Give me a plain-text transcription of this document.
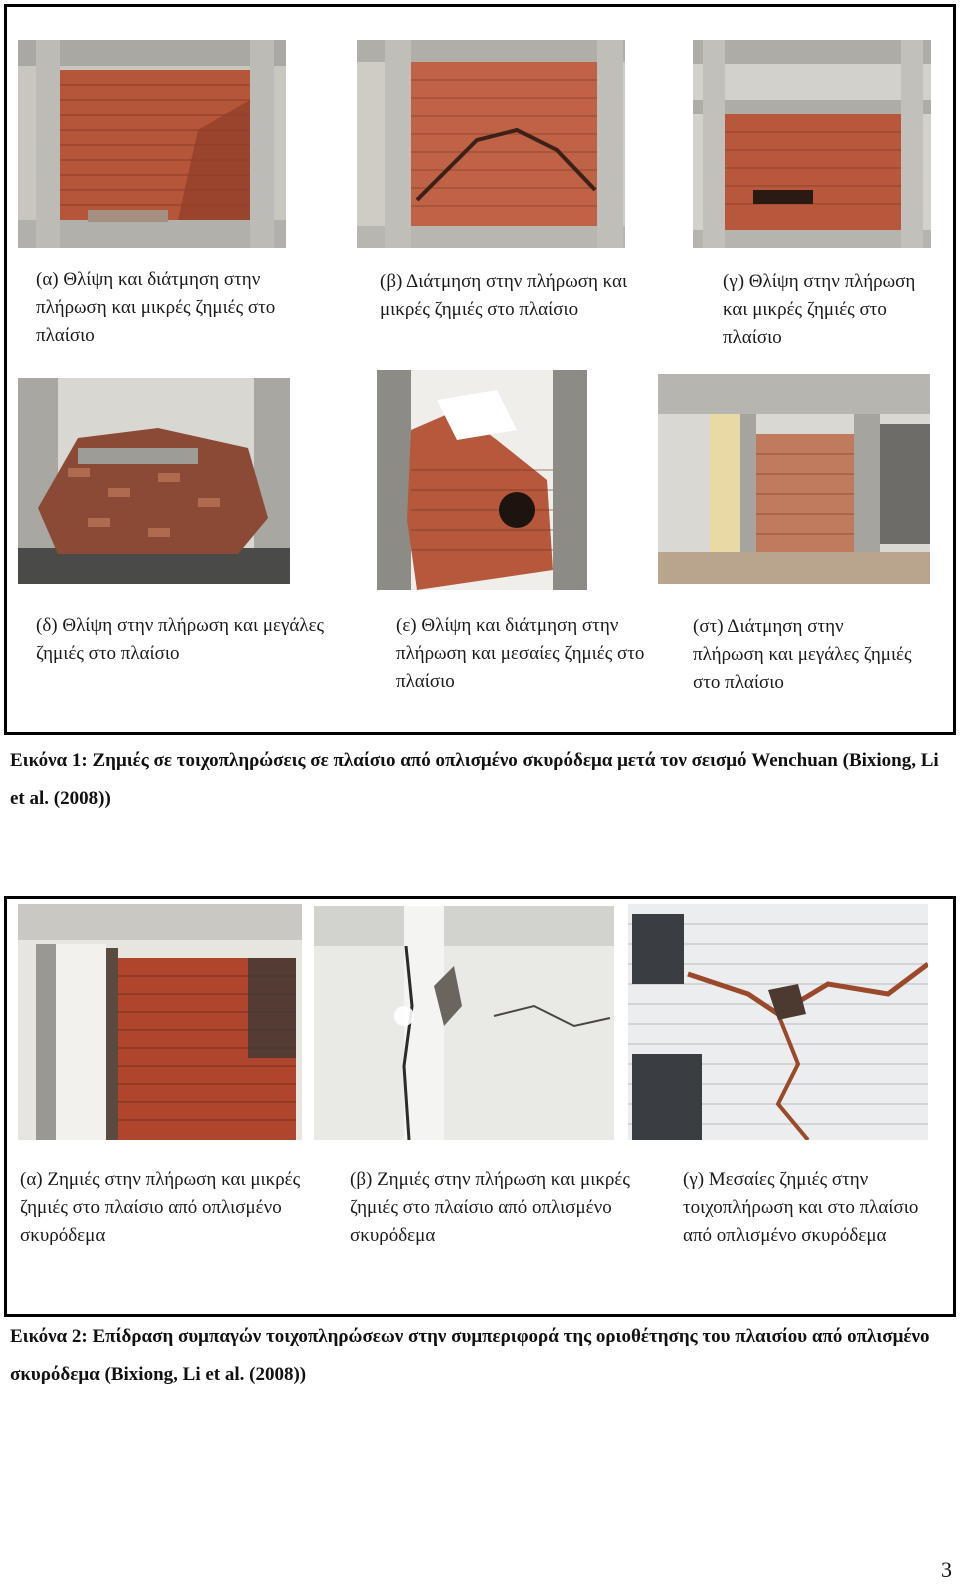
(α) Θλίψη και διάτμηση στην πλήρωση και μικρές ζημιές στο πλαίσιο
(β) Διάτμηση στην πλήρωση και μικρές ζημιές στο πλαίσιο
(γ) Θλίψη στην πλήρωση και μικρές ζημιές στο πλαίσιο
(δ) Θλίψη στην πλήρωση και μεγάλες ζημιές στο πλαίσιο
(ε) Θλίψη και διάτμηση στην πλήρωση και μεσαίες ζημιές στο πλαίσιο
(στ) Διάτμηση στην πλήρωση και μεγάλες ζημιές στο πλαίσιο
Εικόνα 1: Ζημιές σε τοιχοπληρώσεις σε πλαίσιο από οπλισμένο σκυρόδεμα μετά τον σεισμό Wenchuan (Bixiong, Li et al. (2008))
(α) Ζημιές στην πλήρωση και μικρές ζημιές στο πλαίσιο από οπλισμένο σκυρόδεμα
(β) Ζημιές στην πλήρωση και μικρές ζημιές στο πλαίσιο από οπλισμένο σκυρόδεμα
(γ) Μεσαίες ζημιές στην τοιχοπλήρωση και στο πλαίσιο από οπλισμένο σκυρόδεμα
Εικόνα 2: Επίδραση συμπαγών τοιχοπληρώσεων στην συμπεριφορά της οριοθέτησης του πλαισίου από οπλισμένο σκυρόδεμα (Bixiong, Li et al. (2008))
3
